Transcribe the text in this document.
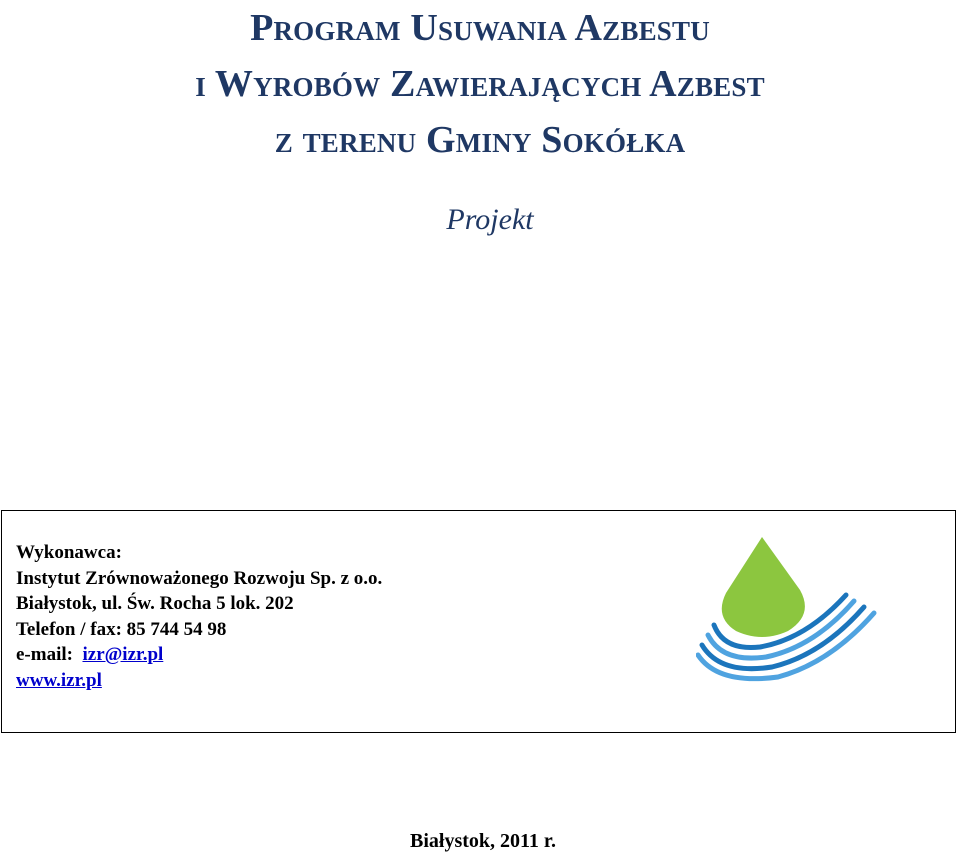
Program Usuwania Azbestu
i Wyrobów Zawierających Azbest
z terenu Gminy Sokółka
Projekt
Wykonawca:
Instytut Zrównoważonego Rozwoju Sp. z o.o.
Białystok, ul. Św. Rocha 5 lok. 202
Telefon / fax: 85 744 54 98
e-mail: izr@izr.pl
www.izr.pl
Białystok, 2011 r.
